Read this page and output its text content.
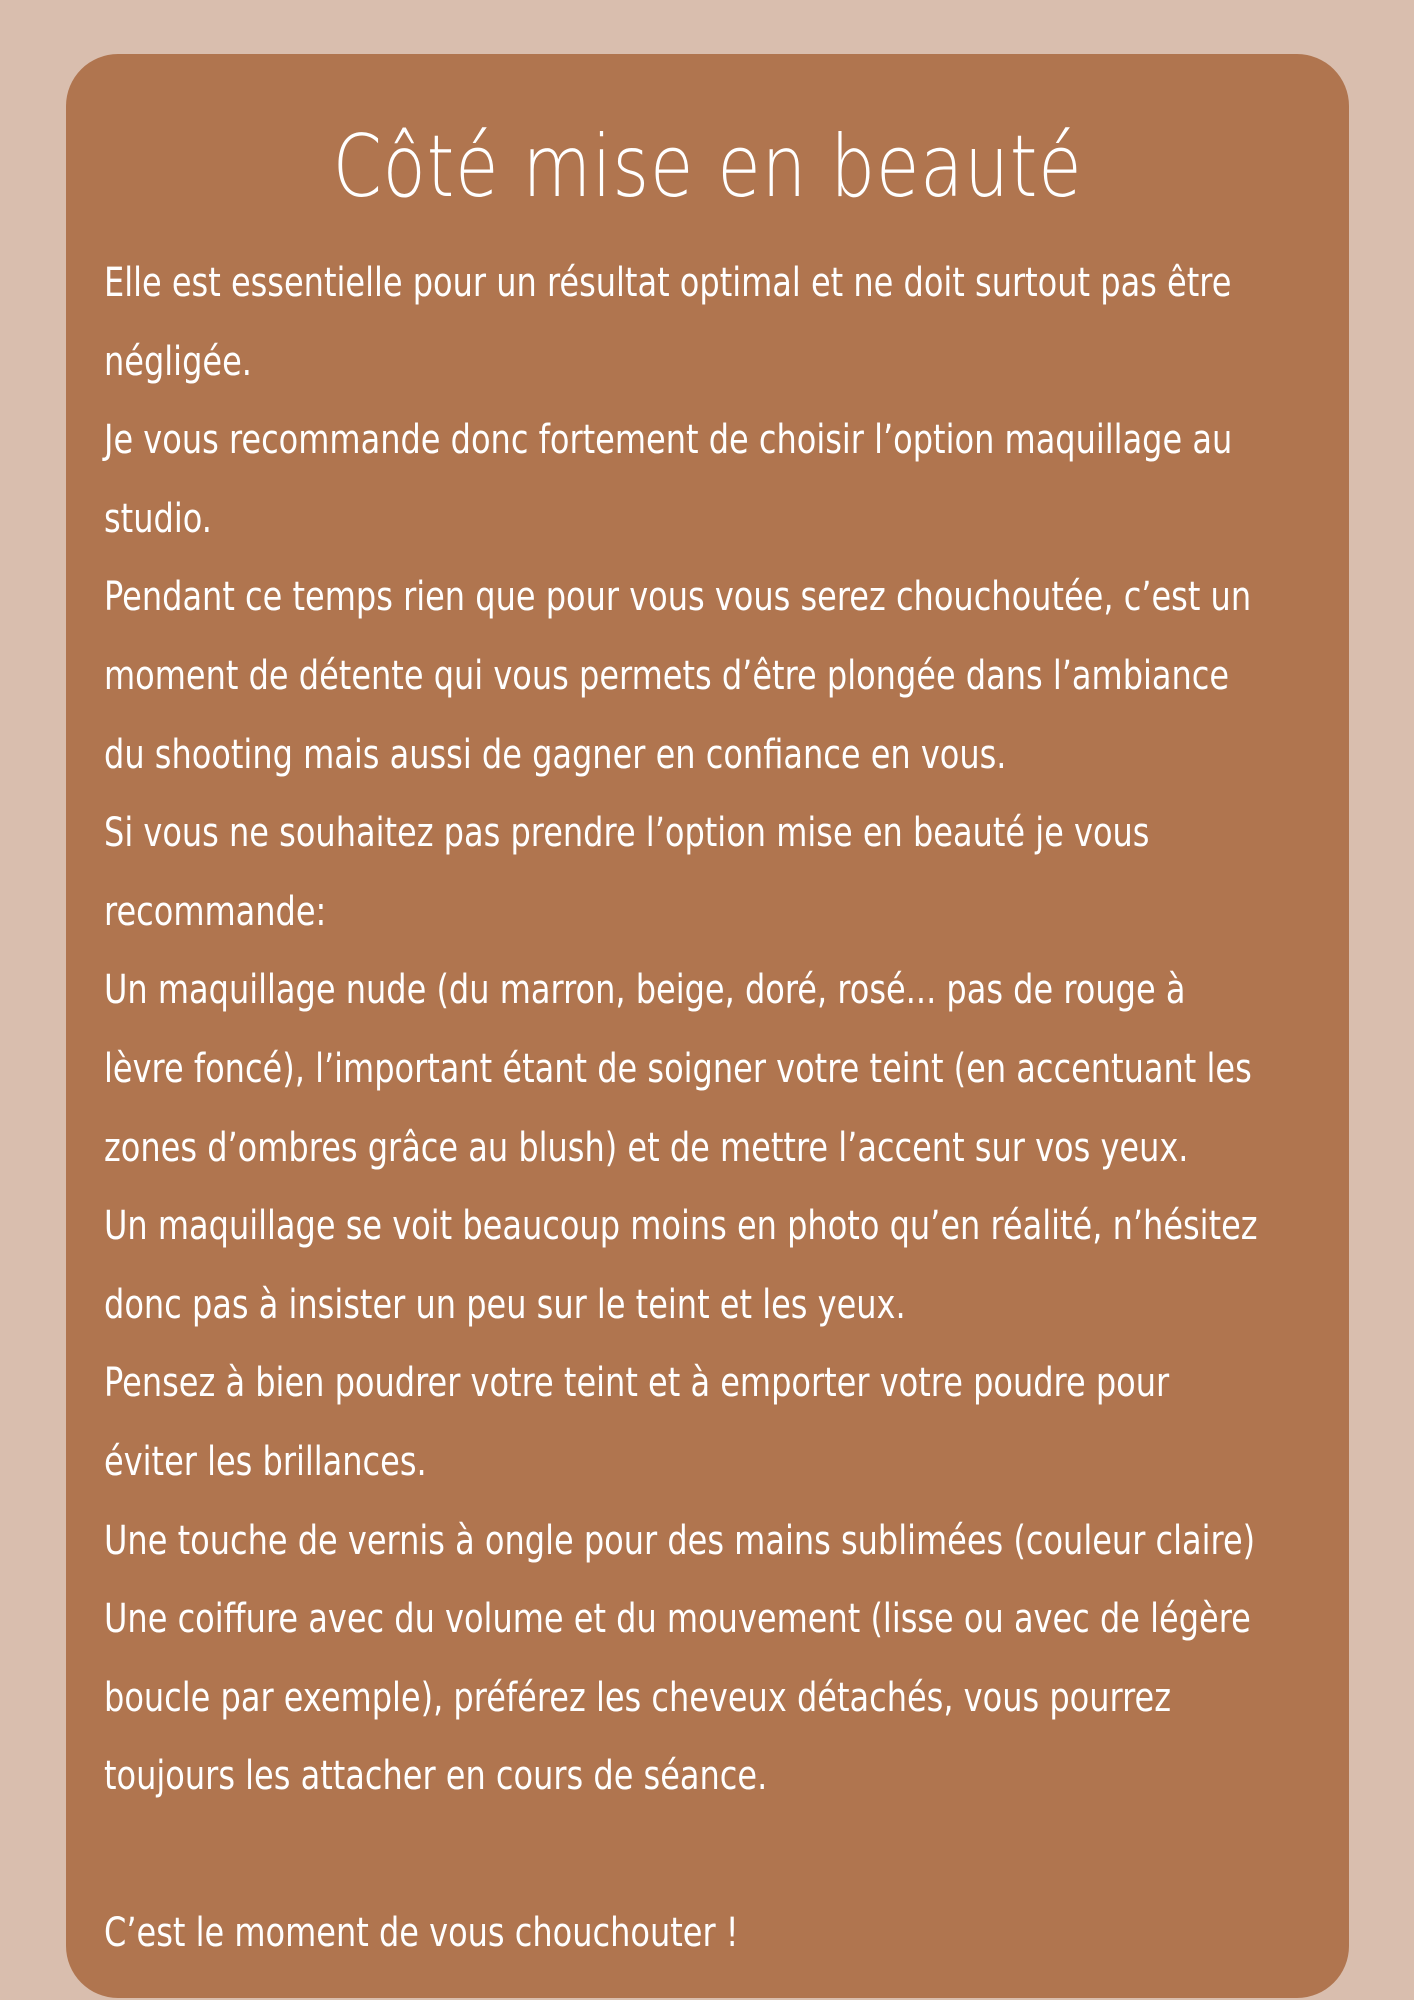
Côté mise en beauté

Elle est essentielle pour un résultat optimal et ne doit surtout pas être négligée.

Je vous recommande donc fortement de choisir l’option maquillage au studio.

Pendant ce temps rien que pour vous vous serez chouchoutée, c’est un moment de détente qui vous permets d’être plongée dans l’ambiance du shooting mais aussi de gagner en confiance en vous.

Si vous ne souhaitez pas prendre l’option mise en beauté je vous recommande:

Un maquillage nude (du marron, beige, doré, rosé... pas de rouge à lèvre foncé), l’important étant de soigner votre teint (en accentuant les zones d’ombres grâce au blush) et de mettre l’accent sur vos yeux.

Un maquillage se voit beaucoup moins en photo qu’en réalité, n’hésitez donc pas à insister un peu sur le teint et les yeux.

Pensez à bien poudrer votre teint et à emporter votre poudre pour éviter les brillances.

Une touche de vernis à ongle pour des mains sublimées (couleur claire)

Une coiffure avec du volume et du mouvement (lisse ou avec de légère boucle par exemple), préférez les cheveux détachés, vous pourrez toujours les attacher en cours de séance.

C’est le moment de vous chouchouter !
